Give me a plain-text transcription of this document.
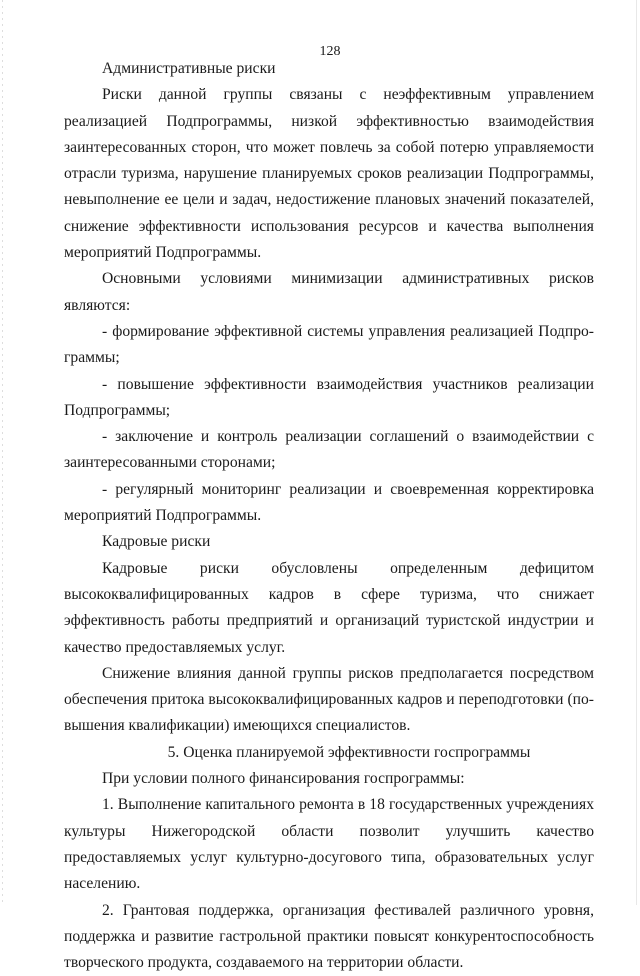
128

Административные риски

Риски данной группы связаны с неэффективным управлением реализацией Подпрограммы, низкой эффективностью взаимодействия заинтересованных сторон, что может повлечь за собой потерю управляемости отрасли туризма, нарушение планируемых сроков реализации Подпрограммы, невыполнение ее цели и задач, недостижение плановых значений показателей, снижение эффективности использования ресурсов и качества выполнения мероприятий Подпрограммы.

Основными условиями минимизации административных рисков являются:

- формирование эффективной системы управления реализацией Подпрограммы;

- повышение эффективности взаимодействия участников реализации Подпрограммы;

- заключение и контроль реализации соглашений о взаимодействии с заинтересованными сторонами;

- регулярный мониторинг реализации и своевременная корректировка мероприятий Подпрограммы.

Кадровые риски

Кадровые риски обусловлены определенным дефицитом высококвалифицированных кадров в сфере туризма, что снижает эффективность работы предприятий и организаций туристской индустрии и качество предоставляемых услуг.

Снижение влияния данной группы рисков предполагается посредством обеспечения притока высококвалифицированных кадров и переподготовки (повышения квалификации) имеющихся специалистов.

5. Оценка планируемой эффективности госпрограммы

При условии полного финансирования госпрограммы:

1. Выполнение капитального ремонта в 18 государственных учреждениях культуры Нижегородской области позволит улучшить качество предоставляемых услуг культурно-досугового типа, образовательных услуг населению.

2. Грантовая поддержка, организация фестивалей различного уровня, поддержка и развитие гастрольной практики повысят конкурентоспособность творческого продукта, создаваемого на территории области.
